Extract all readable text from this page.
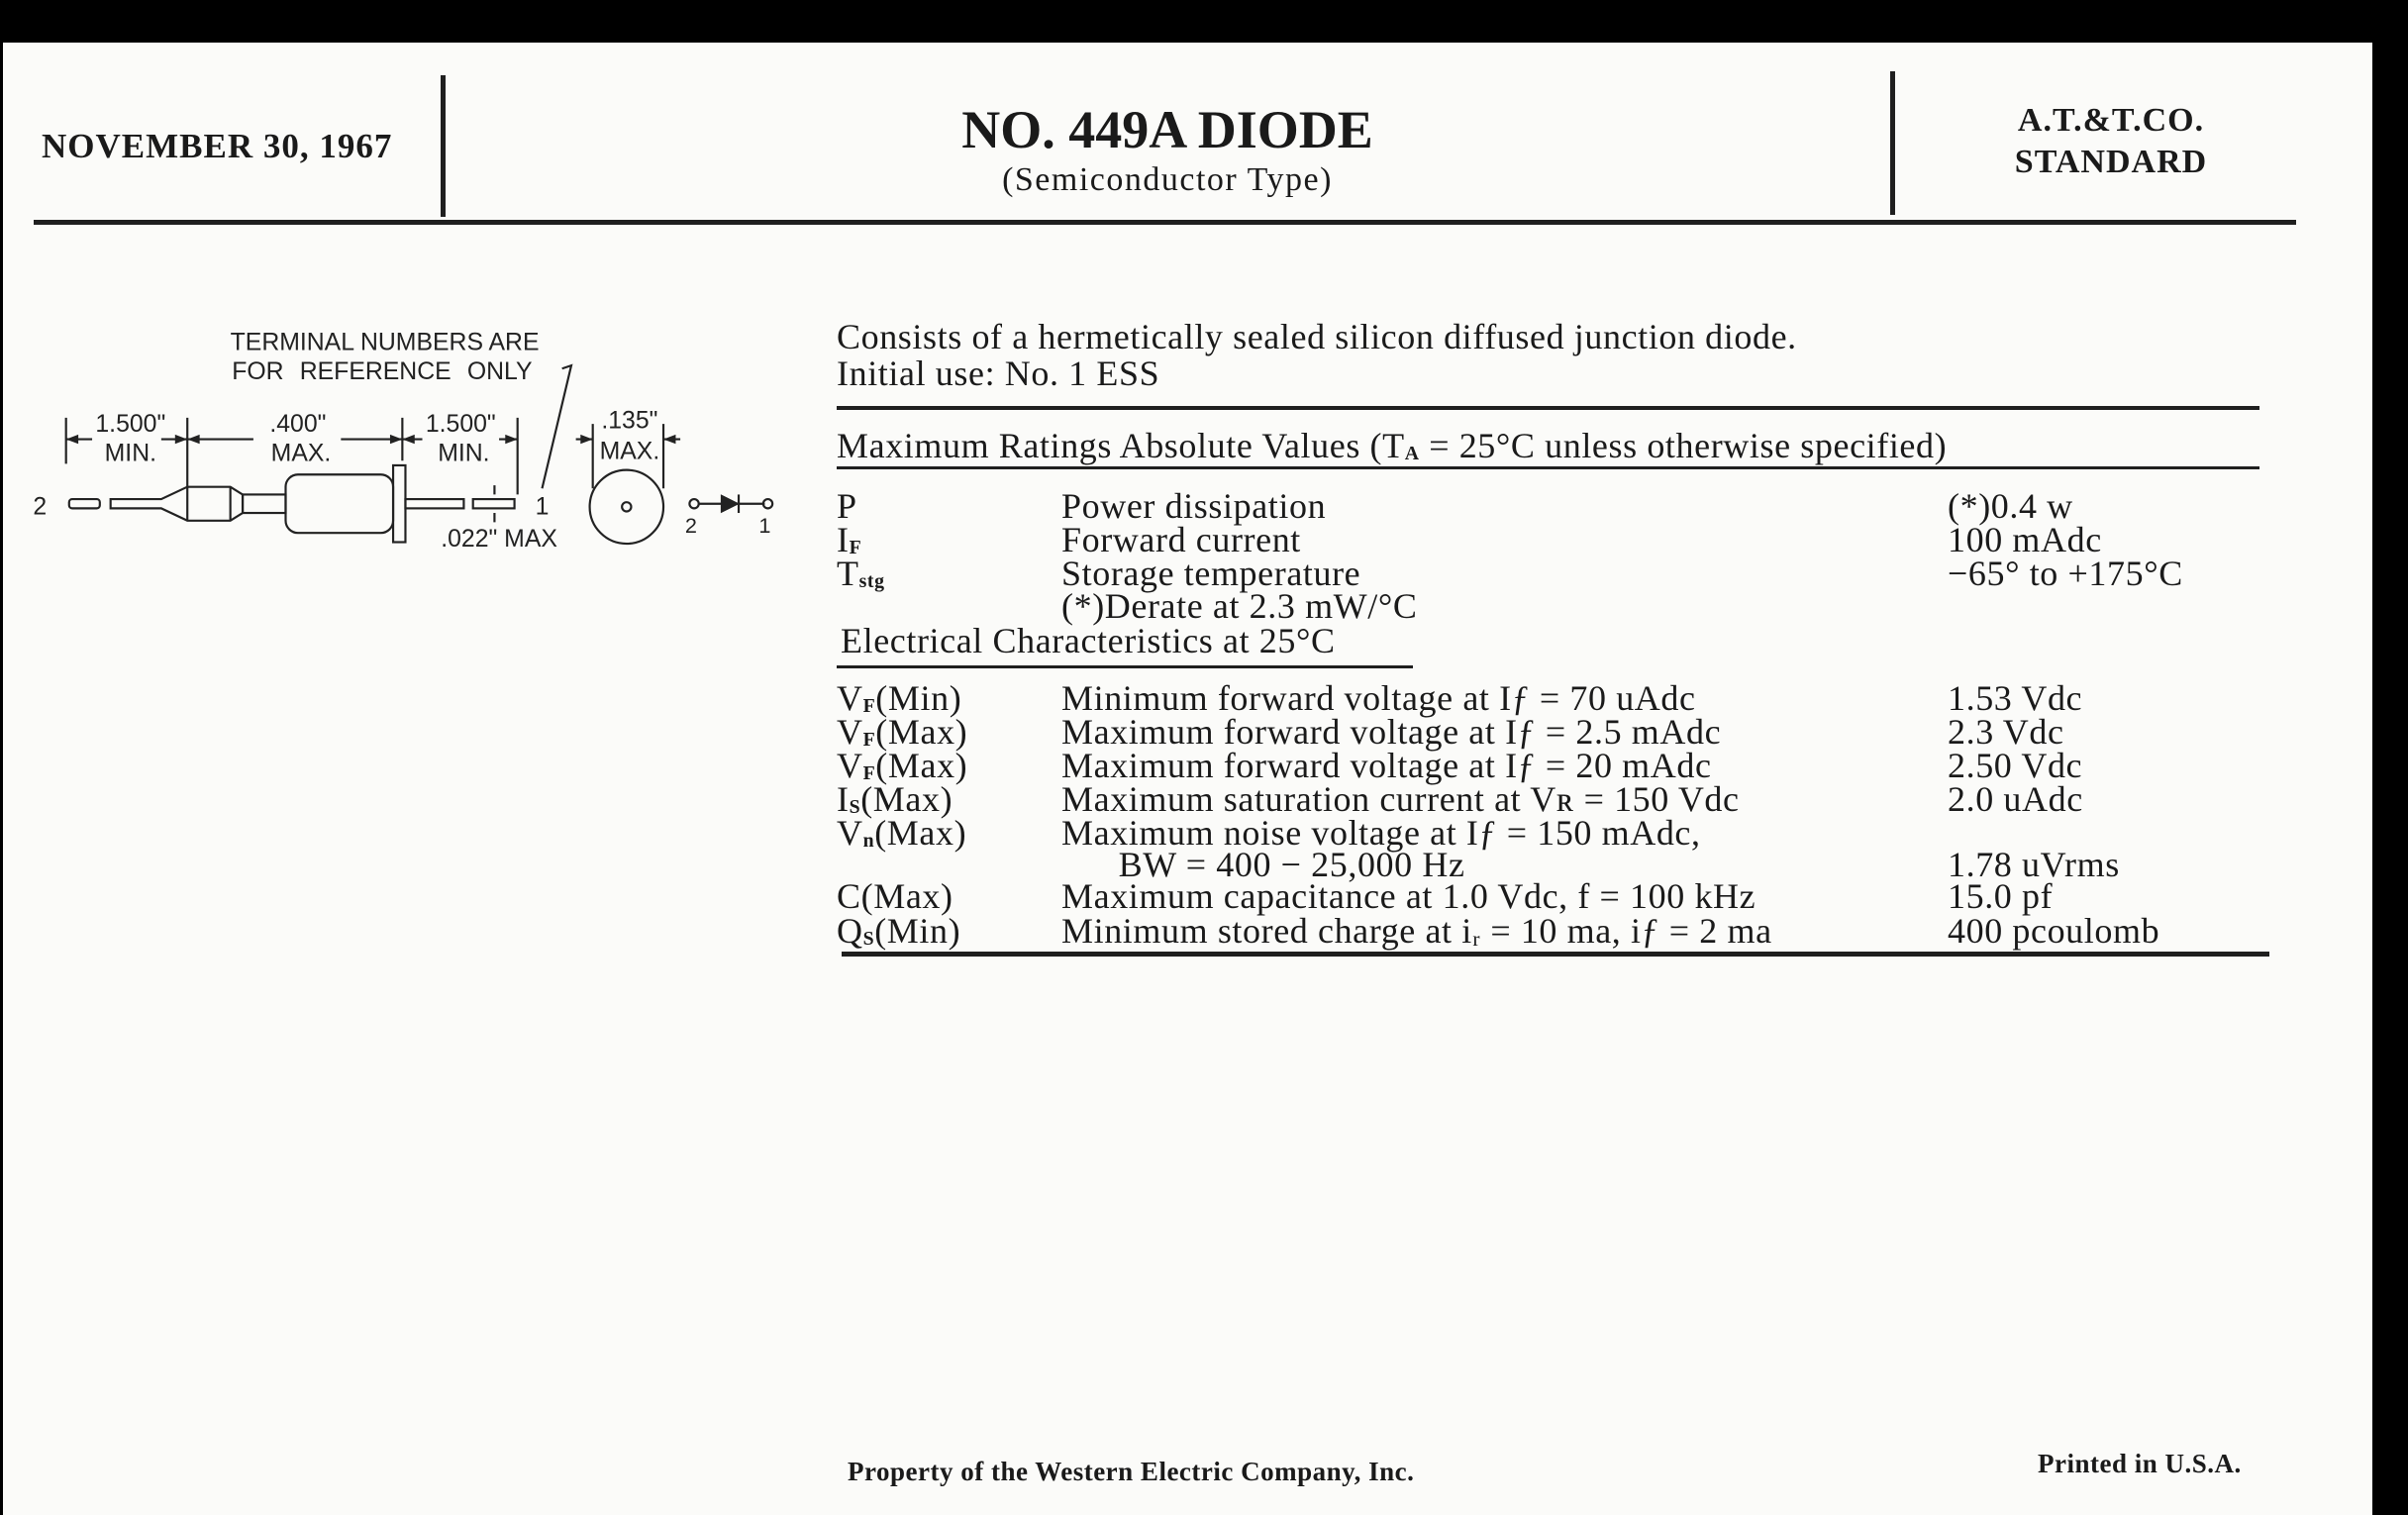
NOVEMBER 30, 1967	NO. 449A DIODE
(Semiconductor Type)
A.T.&T.CO.
STANDARD
TERMINAL NUMBERS ARE
FOR REFERENCE ONLY
1.500"
MIN.
.400"
MAX.
1.500"
MIN.
.135"
MAX.
.022" MAX
2	1
2	1
Consists of a hermetically sealed silicon diffused junction diode.
Initial use: No. 1 ESS
Maximum Ratings Absolute Values (TA = 25°C unless otherwise specified)
P	Power dissipation	(*)0.4 w
IF	Forward current	100 mAdc
Tstg	Storage temperature	−65° to +175°C
(*)Derate at 2.3 mW/°C
Electrical Characteristics at 25°C
VF(Min)	Minimum forward voltage at Iƒ = 70 uAdc	1.53 Vdc
VF(Max)	Maximum forward voltage at Iƒ = 2.5 mAdc	2.3 Vdc
VF(Max)	Maximum forward voltage at Iƒ = 20 mAdc	2.50 Vdc
IS(Max)	Maximum saturation current at Vʀ = 150 Vdc	2.0 uAdc
Vn(Max)	Maximum noise voltage at Iƒ = 150 mAdc,
BW = 400 − 25,000 Hz	1.78 uVrms
C(Max)	Maximum capacitance at 1.0 Vdc, f = 100 kHz	15.0 pf
QS(Min)	Minimum stored charge at iᵣ = 10 ma, iƒ = 2 ma	400 pcoulomb
Property of the Western Electric Company, Inc.	Printed in U.S.A.
